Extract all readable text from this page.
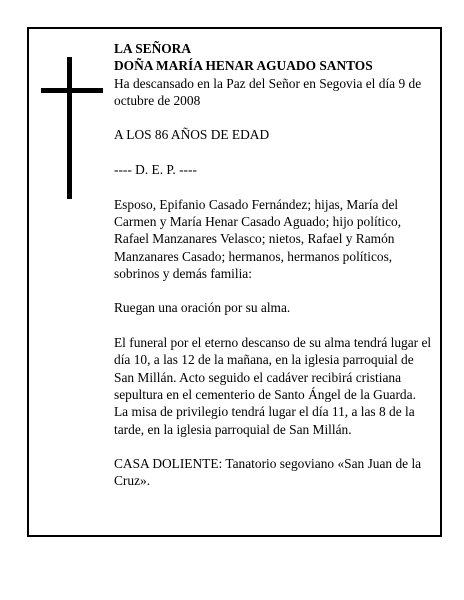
LA SEÑORA
DOÑA MARÍA HENAR AGUADO SANTOS
Ha descansado en la Paz del Señor en Segovia el día 9 de octubre de 2008

A LOS 86 AÑOS DE EDAD

---- D. E. P. ----

Esposo, Epifanio Casado Fernández; hijas, María del Carmen y María Henar Casado Aguado; hijo político, Rafael Manzanares Velasco; nietos, Rafael y Ramón Manzanares Casado; hermanos, hermanos políticos, sobrinos y demás familia:

Ruegan una oración por su alma.

El funeral por el eterno descanso de su alma tendrá lugar el día 10, a las 12 de la mañana, en la iglesia parroquial de San Millán. Acto seguido el cadáver recibirá cristiana sepultura en el cementerio de Santo Ángel de la Guarda. La misa de privilegio tendrá lugar el día 11, a las 8 de la tarde, en la iglesia parroquial de San Millán.

CASA DOLIENTE: Tanatorio segoviano «San Juan de la Cruz».
